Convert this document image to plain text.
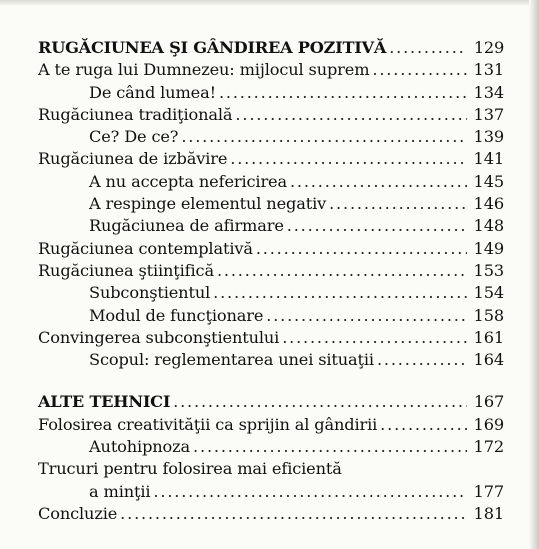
RUGĂCIUNEA ŞI GÂNDIREA POZITIVĂ .....	129
A te ruga lui Dumnezeu: mijlocul suprem .....	131
De când lumea! .....	134
Rugăciunea tradiţională .....	137
Ce? De ce? .....	139
Rugăciunea de izbăvire .....	141
A nu accepta nefericirea .....	145
A respinge elementul negativ .....	146
Rugăciunea de afirmare .....	148
Rugăciunea contemplativă .....	149
Rugăciunea ştiinţifică .....	153
Subconştientul .....	154
Modul de funcţionare .....	158
Convingerea subconştientului .....	161
Scopul: reglementarea unei situaţii .....	164
ALTE TEHNICI .....	167
Folosirea creativităţii ca sprijin al gândirii .....	169
Autohipnoza .....	172
Trucuri pentru folosirea mai eficientă
a minţii .....	177
Concluzie .....	181
